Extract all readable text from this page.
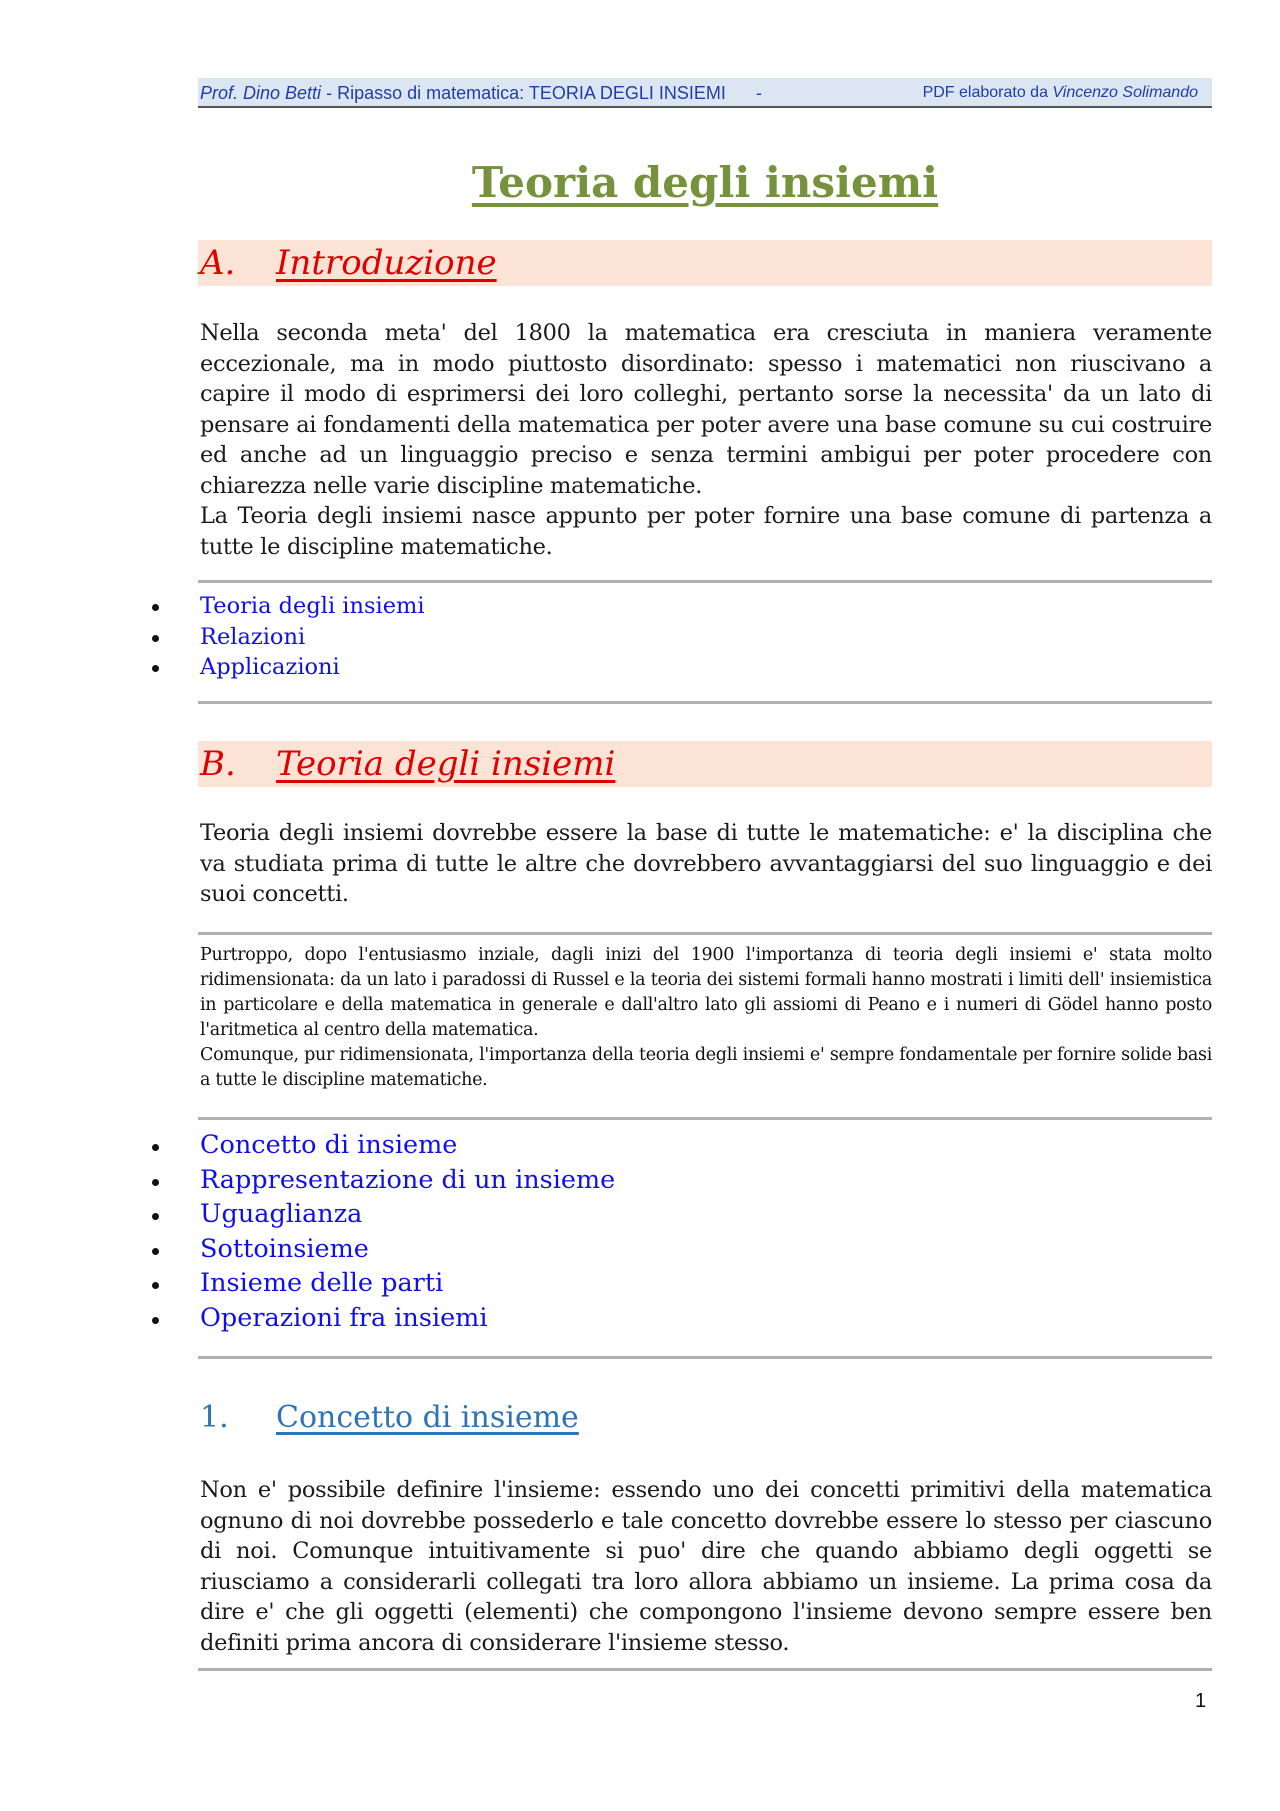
Prof. Dino Betti - Ripasso di matematica: TEORIA DEGLI INSIEMI -	PDF elaborato da Vincenzo Solimando
Teoria degli insiemi
A. Introduzione

Nella seconda meta' del 1800 la matematica era cresciuta in maniera veramente eccezionale, ma in modo piuttosto disordinato: spesso i matematici non riuscivano a capire il modo di esprimersi dei loro colleghi, pertanto sorse la necessita' da un lato di pensare ai fondamenti della matematica per poter avere una base comune su cui costruire ed anche ad un linguaggio preciso e senza termini ambigui per poter procedere con chiarezza nelle varie discipline matematiche.

La Teoria degli insiemi nasce appunto per poter fornire una base comune di partenza a tutte le discipline matematiche.

Teoria degli insiemi
Relazioni
Applicazioni
B. Teoria degli insiemi

Teoria degli insiemi dovrebbe essere la base di tutte le matematiche: e' la disciplina che va studiata prima di tutte le altre che dovrebbero avvantaggiarsi del suo linguaggio e dei suoi concetti.

Purtroppo, dopo l'entusiasmo inziale, dagli inizi del 1900 l'importanza di teoria degli insiemi e' stata molto ridimensionata: da un lato i paradossi di Russel e la teoria dei sistemi formali hanno mostrati i limiti dell' insiemistica in particolare e della matematica in generale e dall'altro lato gli assiomi di Peano e i numeri di Gödel hanno posto l'aritmetica al centro della matematica.

Comunque, pur ridimensionata, l'importanza della teoria degli insiemi e' sempre fondamentale per fornire solide basi a tutte le discipline matematiche.

Concetto di insieme
Rappresentazione di un insieme
Uguaglianza
Sottoinsieme
Insieme delle parti
Operazioni fra insiemi
1. Concetto di insieme

Non e' possibile definire l'insieme: essendo uno dei concetti primitivi della matematica ognuno di noi dovrebbe possederlo e tale concetto dovrebbe essere lo stesso per ciascuno di noi. Comunque intuitivamente si puo' dire che quando abbiamo degli oggetti se riusciamo a considerarli collegati tra loro allora abbiamo un insieme. La prima cosa da dire e' che gli oggetti (elementi) che compongono l'insieme devono sempre essere ben definiti prima ancora di considerare l'insieme stesso.

1
